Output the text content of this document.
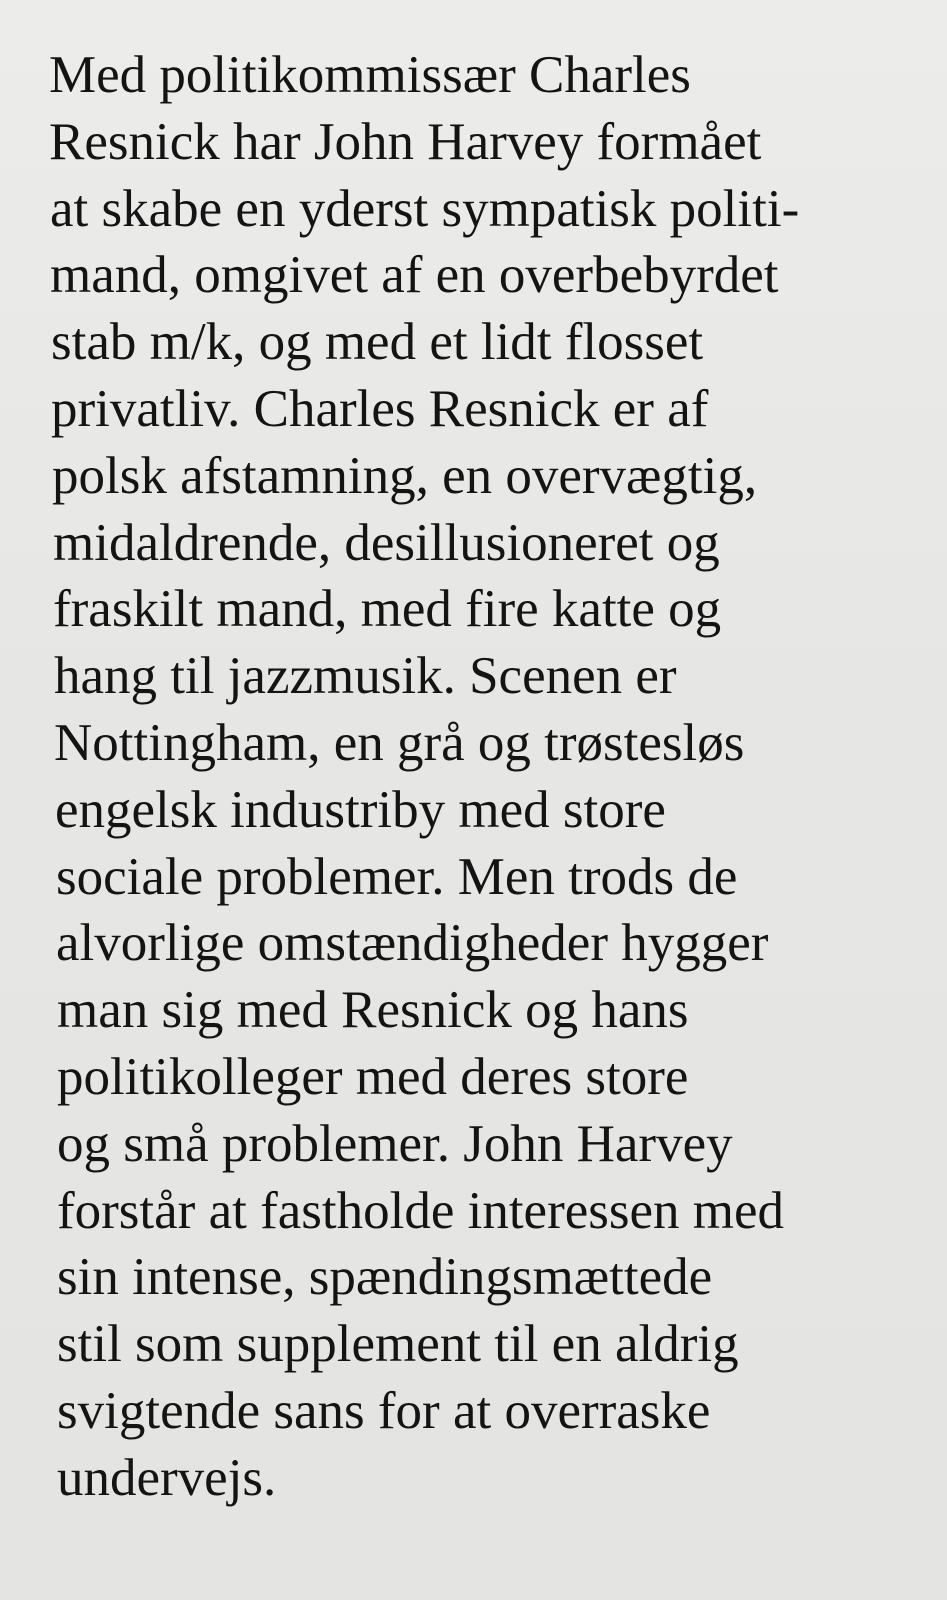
Med politikommissær Charles
Resnick har John Harvey formået
at skabe en yderst sympatisk politi-
mand, omgivet af en overbebyrdet
stab m/k, og med et lidt flosset
privatliv. Charles Resnick er af
polsk afstamning, en overvægtig,
midaldrende, desillusioneret og
fraskilt mand, med fire katte og
hang til jazzmusik. Scenen er
Nottingham, en grå og trøstesløs
engelsk industriby med store
sociale problemer. Men trods de
alvorlige omstændigheder hygger
man sig med Resnick og hans
politikolleger med deres store
og små problemer. John Harvey
forstår at fastholde interessen med
sin intense, spændingsmættede
stil som supplement til en aldrig
svigtende sans for at overraske
undervejs.
